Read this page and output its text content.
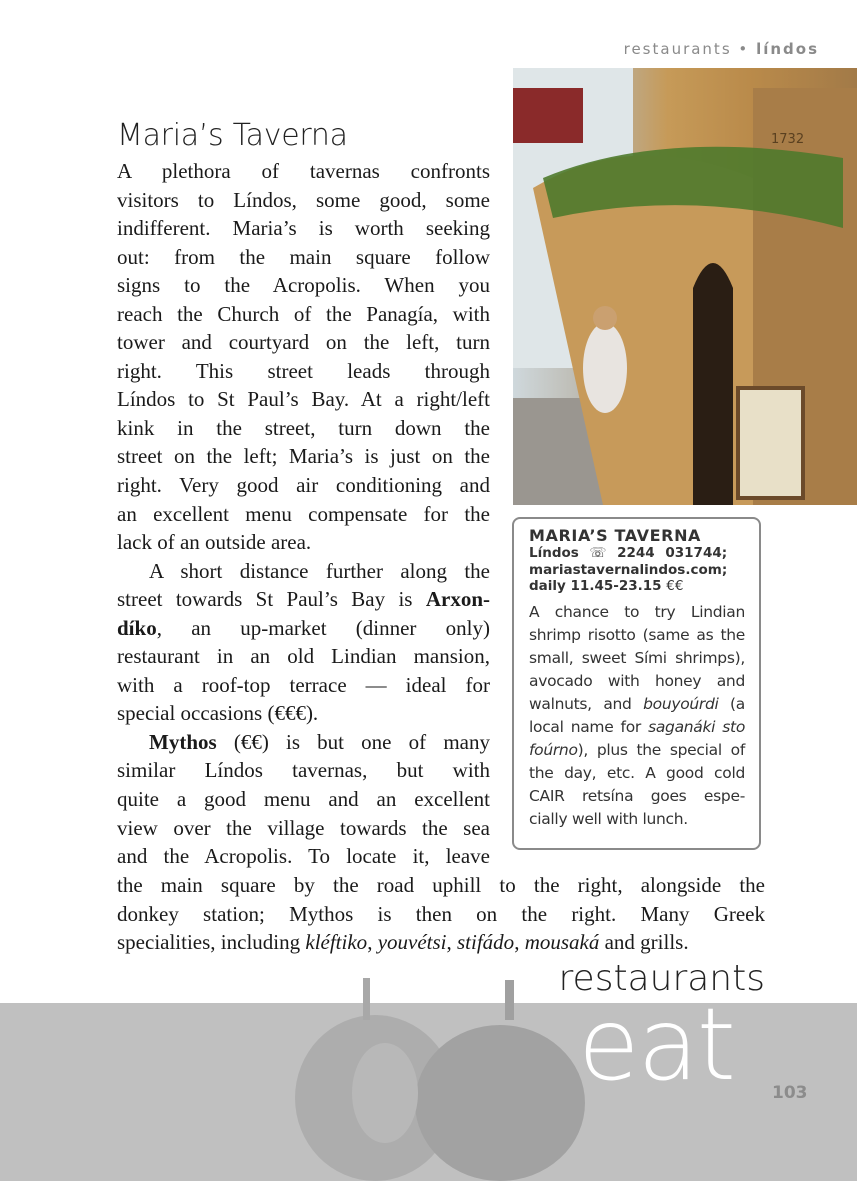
restaurants • líndos
1732
Maria’s Taverna
A plethora of tavernas confronts
visitors to Líndos, some good, some
indifferent. Maria’s is worth seeking
out: from the main square follow
signs to the Acropolis. When you
reach the Church of the Panagía, with
tower and courtyard on the left, turn
right. This street leads through
Líndos to St Paul’s Bay. At a right/left
kink in the street, turn down the
street on the left; Maria’s is just on the
right. Very good air conditioning and
an excellent menu compensate for the
lack of an outside area.
A short distance further along the
street towards St Paul’s Bay is Arxon-
díko, an up-market (dinner only)
restaurant in an old Lindian mansion,
with a roof-top terrace — ideal for
special occasions (€€€).
Mythos (€€) is but one of many
similar Líndos tavernas, but with
quite a good menu and an excellent
view over the village towards the sea
and the Acropolis. To locate it, leave
the main square by the road uphill to the right, alongside the
donkey station; Mythos is then on the right. Many Greek
specialities, including kléftiko, youvétsi, stifádo, mousaká and grills.
MARIA’S TAVERNA
Líndos ☏ 2244 031744;
mariastavernalindos.com;
daily 11.45-23.15 €€
A chance to try Lindian
shrimp risotto (same as the
small, sweet Sími shrimps),
avocado with honey and
walnuts, and bouyoúrdi (a
local name for saganáki sto
foúrno), plus the special of
the day, etc. A good cold
CAIR retsína goes espe-
cially well with lunch.
restaurants
eat 103
